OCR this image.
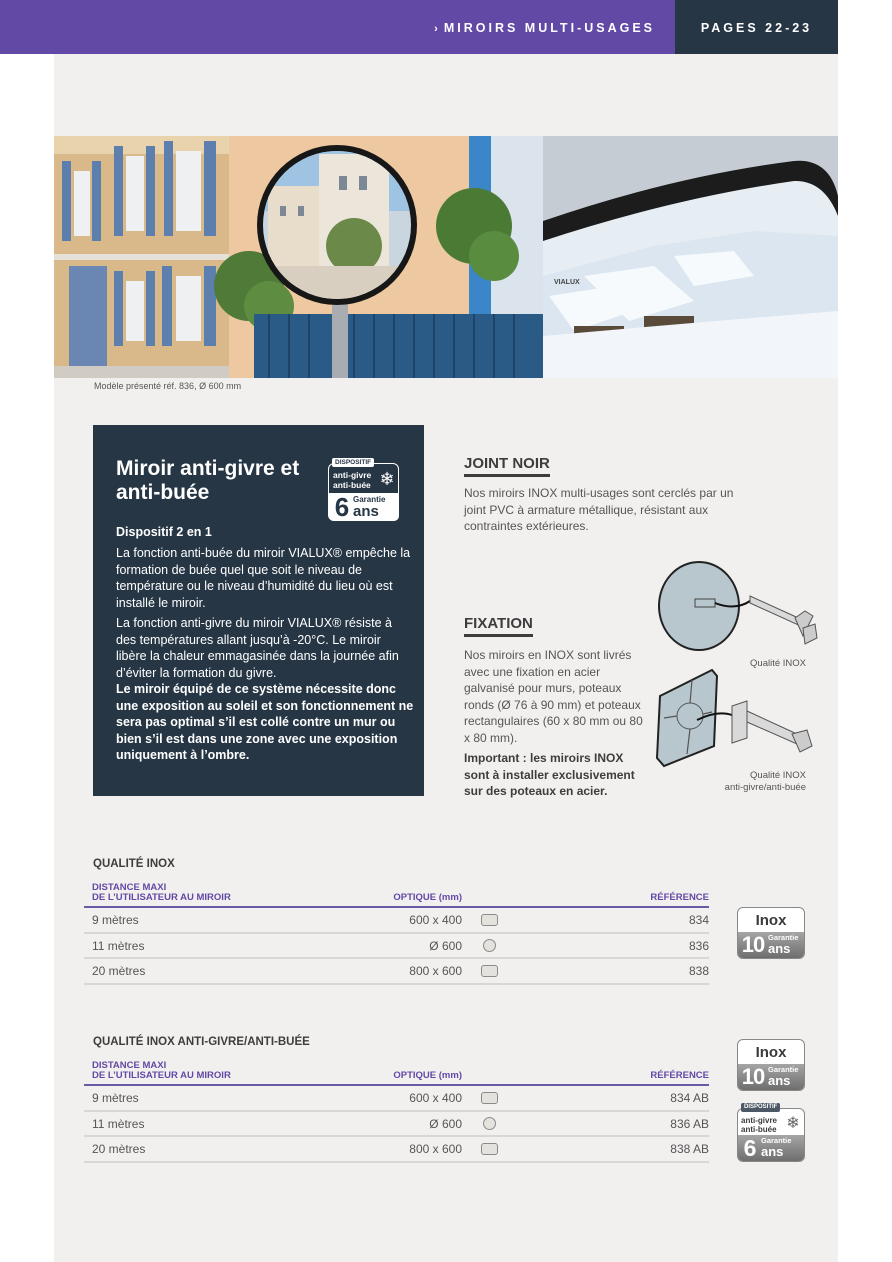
› MIROIRS MULTI-USAGES	PAGES 22-23
VIALUX
Modèle présenté réf. 836, Ø 600 mm
Miroir anti-givre et anti-buée
DISPOSITIF
anti-givre
anti-buée ❄
6 Garantie
ans
Dispositif 2 en 1

La fonction anti-buée du miroir VIALUX® empêche la formation de buée quel que soit le niveau de température ou le niveau d’humidité du lieu où est installé le miroir.

La fonction anti-givre du miroir VIALUX® résiste à des températures allant jusqu’à -20°C. Le miroir libère la chaleur emmagasinée dans la journée afin d’éviter la formation du givre.

Le miroir équipé de ce système nécessite donc une exposition au soleil et son fonctionnement ne sera pas optimal s’il est collé contre un mur ou bien s’il est dans une zone avec une exposition uniquement à l’ombre.

JOINT NOIR

Nos miroirs INOX multi-usages sont cerclés par un joint PVC à armature métallique, résistant aux contraintes extérieures.

FIXATION

Nos miroirs en INOX sont livrés avec une fixation en acier galvanisé pour murs, poteaux ronds (Ø 76 à 90 mm) et poteaux rectangulaires (60 x 80 mm ou 80 x 80 mm).

Important : les miroirs INOX sont à installer exclusivement sur des poteaux en acier.

Qualité INOX
Qualité INOX
anti-givre/anti-buée
QUALITÉ INOX
DISTANCE MAXI
DE L’UTILISATEUR AU MIROIR	OPTIQUE (mm)	RÉFÉRENCE
9 mètres	600 x 400	834
11 mètres	Ø 600	836
20 mètres	800 x 600	838
Inox
10 Garantie
ans
QUALITÉ INOX ANTI-GIVRE/ANTI-BUÉE
DISTANCE MAXI
DE L’UTILISATEUR AU MIROIR	OPTIQUE (mm)	RÉFÉRENCE
9 mètres	600 x 400	834 AB
11 mètres	Ø 600	836 AB
20 mètres	800 x 600	838 AB
Inox
10 Garantie
ans
anti-givre
anti-buée ❄
6 Garantie
ans
DISPOSITIF
